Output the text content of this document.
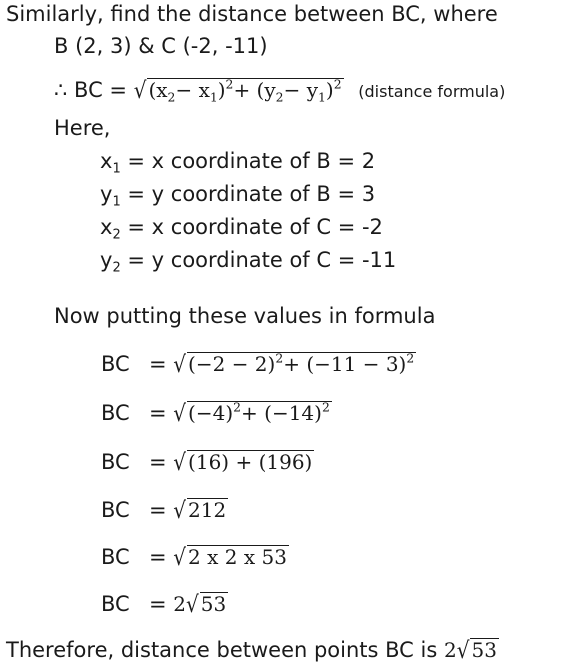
Similarly, find the distance between BC, where
B (2, 3) & C (-2, -11)
∴ BC = √ $(x_2- x_1)^2+ (y_2- y_1)^2$ (distance formula)
Here,
$x_1 = x$ coordinate of B = 2
$y_1 = y$ coordinate of B = 3
$x_2 = x$ coordinate of C = -2
$y_2 = y$ coordinate of C = -11
Now putting these values in formula
BC = √ $(-2 - 2)^2+ (-11 - 3)^2$
BC = √ $(-4)^2+ (-14)^2$
BC = √ (16) + (196)
BC = √ 212
BC = √ 2 x 2 x 53
BC = 2√ 53
Therefore, distance between points BC is 2√ 53
